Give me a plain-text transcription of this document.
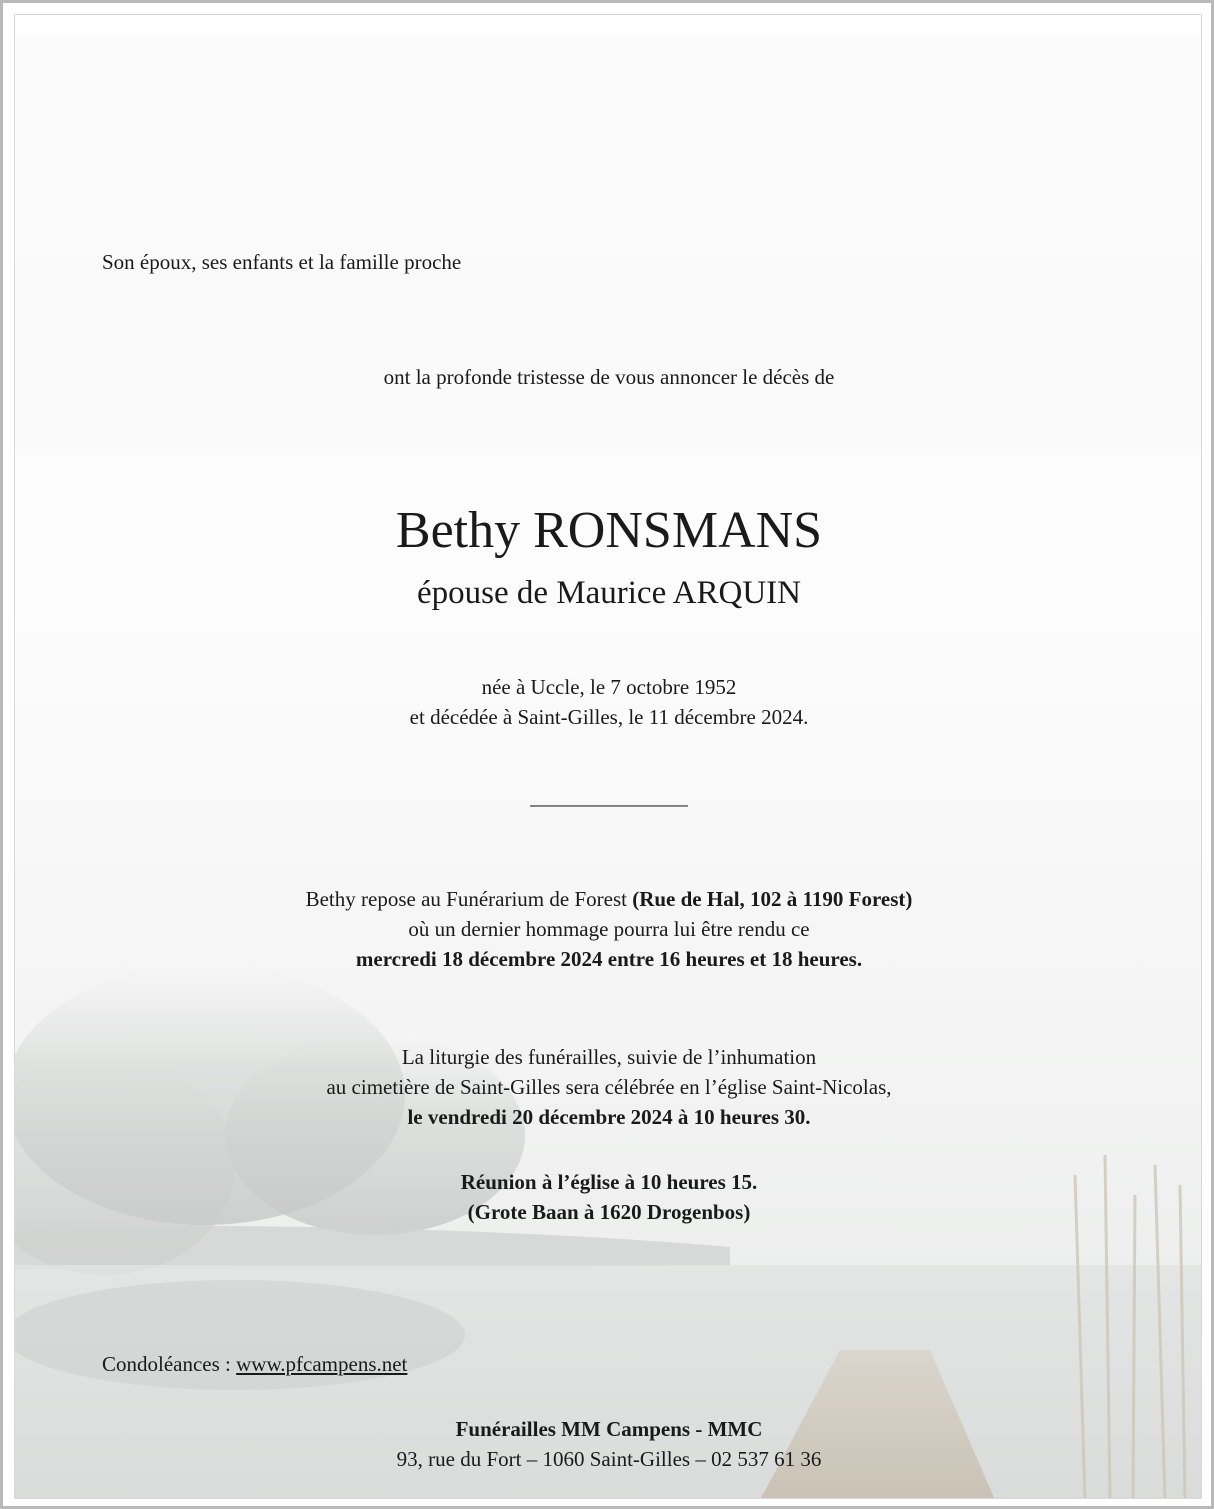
Son époux, ses enfants et la famille proche
ont la profonde tristesse de vous annoncer le décès de
Bethy RONSMANS
épouse de Maurice ARQUIN
née à Uccle, le 7 octobre 1952
et décédée à Saint-Gilles, le 11 décembre 2024.
_______________
Bethy repose au Funérarium de Forest (Rue de Hal, 102 à 1190 Forest)
où un dernier hommage pourra lui être rendu ce
mercredi 18 décembre 2024 entre 16 heures et 18 heures.
La liturgie des funérailles, suivie de l’inhumation
au cimetière de Saint-Gilles sera célébrée en l’église Saint-Nicolas,
le vendredi 20 décembre 2024 à 10 heures 30.
Réunion à l’église à 10 heures 15.
(Grote Baan à 1620 Drogenbos)
Condoléances : www.pfcampens.net
Funérailles MM Campens - MMC
93, rue du Fort – 1060 Saint-Gilles – 02 537 61 36
